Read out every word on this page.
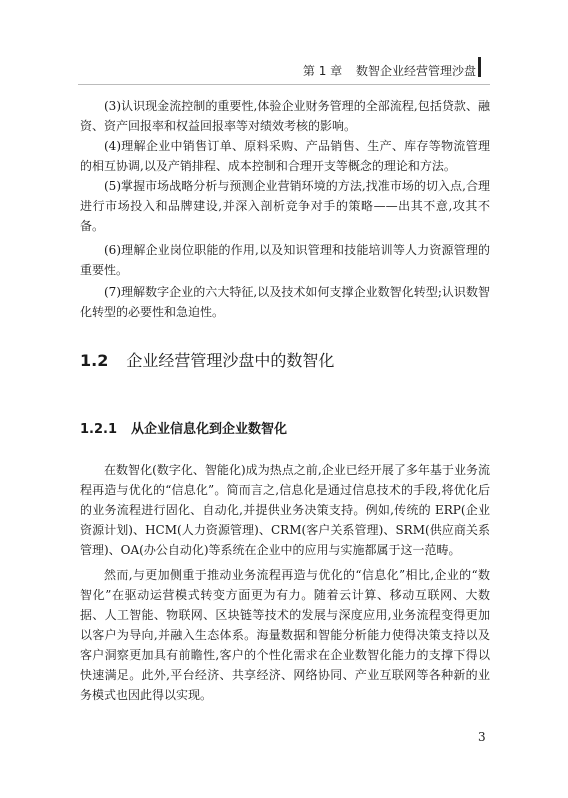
第 1 章 数智企业经营管理沙盘

(3)认识现金流控制的重要性,体验企业财务管理的全部流程,包括贷款、融资、资产回报率和权益回报率等对绩效考核的影响。

(4)理解企业中销售订单、原料采购、产品销售、生产、库存等物流管理的相互协调,以及产销排程、成本控制和合理开支等概念的理论和方法。

(5)掌握市场战略分析与预测企业营销环境的方法,找准市场的切入点,合理进行市场投入和品牌建设,并深入剖析竞争对手的策略——出其不意,攻其不备。

(6)理解企业岗位职能的作用,以及知识管理和技能培训等人力资源管理的重要性。

(7)理解数字企业的六大特征,以及技术如何支撑企业数智化转型;认识数智化转型的必要性和急迫性。

1.2 企业经营管理沙盘中的数智化
1.2.1 从企业信息化到企业数智化

在数智化(数字化、智能化)成为热点之前,企业已经开展了多年基于业务流程再造与优化的“信息化”。简而言之,信息化是通过信息技术的手段,将优化后的业务流程进行固化、自动化,并提供业务决策支持。例如,传统的 ERP(企业资源计划)、HCM(人力资源管理)、CRM(客户关系管理)、SRM(供应商关系管理)、OA(办公自动化)等系统在企业中的应用与实施都属于这一范畴。

然而,与更加侧重于推动业务流程再造与优化的“信息化”相比,企业的“数智化”在驱动运营模式转变方面更为有力。随着云计算、移动互联网、大数据、人工智能、物联网、区块链等技术的发展与深度应用,业务流程变得更加以客户为导向,并融入生态体系。海量数据和智能分析能力使得决策支持以及客户洞察更加具有前瞻性,客户的个性化需求在企业数智化能力的支撑下得以快速满足。此外,平台经济、共享经济、网络协同、产业互联网等各种新的业务模式也因此得以实现。

3
